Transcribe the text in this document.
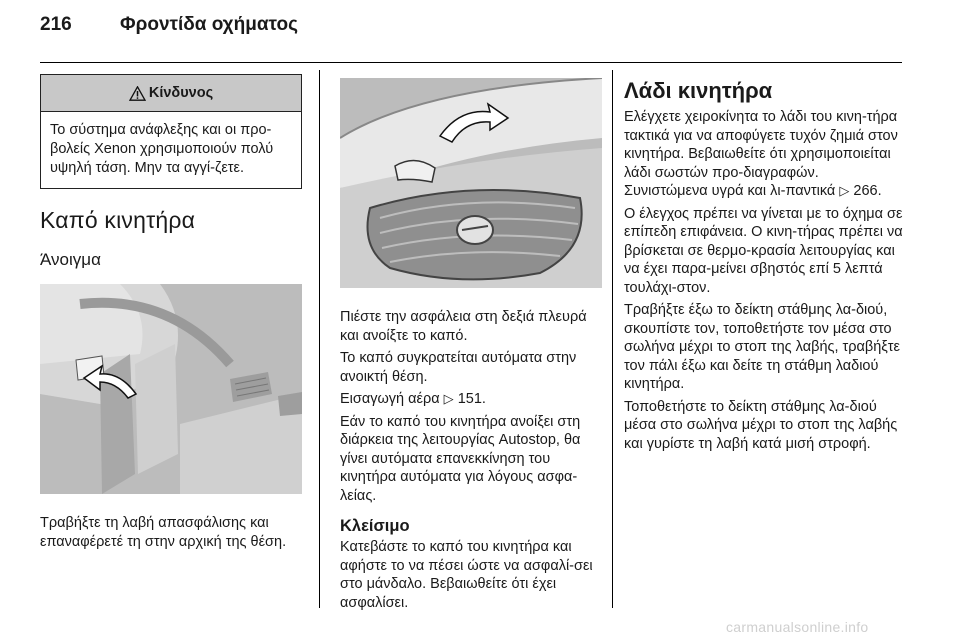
216	Φροντίδα οχήματος
Κίνδυνος
Το σύστημα ανάφλεξης και οι προ-βολείς Xenon χρησιμοποιούν πολύ υψηλή τάση. Μην τα αγγί-ζετε.
Καπό κινητήρα
Άνοιγμα

Τραβήξτε τη λαβή απασφάλισης και επαναφέρετέ τη στην αρχική της θέση.

Πιέστε την ασφάλεια στη δεξιά πλευρά και ανοίξτε το καπό.

Το καπό συγκρατείται αυτόματα στην ανοικτή θέση.

Εισαγωγή αέρα ▷ 151.

Εάν το καπό του κινητήρα ανοίξει στη διάρκεια της λειτουργίας Autostop, θα γίνει αυτόματα επανεκκίνηση του κινητήρα αυτόματα για λόγους ασφα-λείας.

Κλείσιμο

Κατεβάστε το καπό του κινητήρα και αφήστε το να πέσει ώστε να ασφαλί-σει στο μάνδαλο. Βεβαιωθείτε ότι έχει ασφαλίσει.

Λάδι κινητήρα

Ελέγχετε χειροκίνητα το λάδι του κινη-τήρα τακτικά για να αποφύγετε τυχόν ζημιά στον κινητήρα. Βεβαιωθείτε ότι χρησιμοποιείται λάδι σωστών προ-διαγραφών. Συνιστώμενα υγρά και λι-παντικά ▷ 266.

Ο έλεγχος πρέπει να γίνεται με το όχημα σε επίπεδη επιφάνεια. Ο κινη-τήρας πρέπει να βρίσκεται σε θερμο-κρασία λειτουργίας και να έχει παρα-μείνει σβηστός επί 5 λεπτά τουλάχι-στον.

Τραβήξτε έξω το δείκτη στάθμης λα-διού, σκουπίστε τον, τοποθετήστε τον μέσα στο σωλήνα μέχρι το στοπ της λαβής, τραβήξτε τον πάλι έξω και δείτε τη στάθμη λαδιού κινητήρα.

Τοποθετήστε το δείκτη στάθμης λα-διού μέσα στο σωλήνα μέχρι το στοπ της λαβής και γυρίστε τη λαβή κατά μισή στροφή.

carmanualsonline.info
